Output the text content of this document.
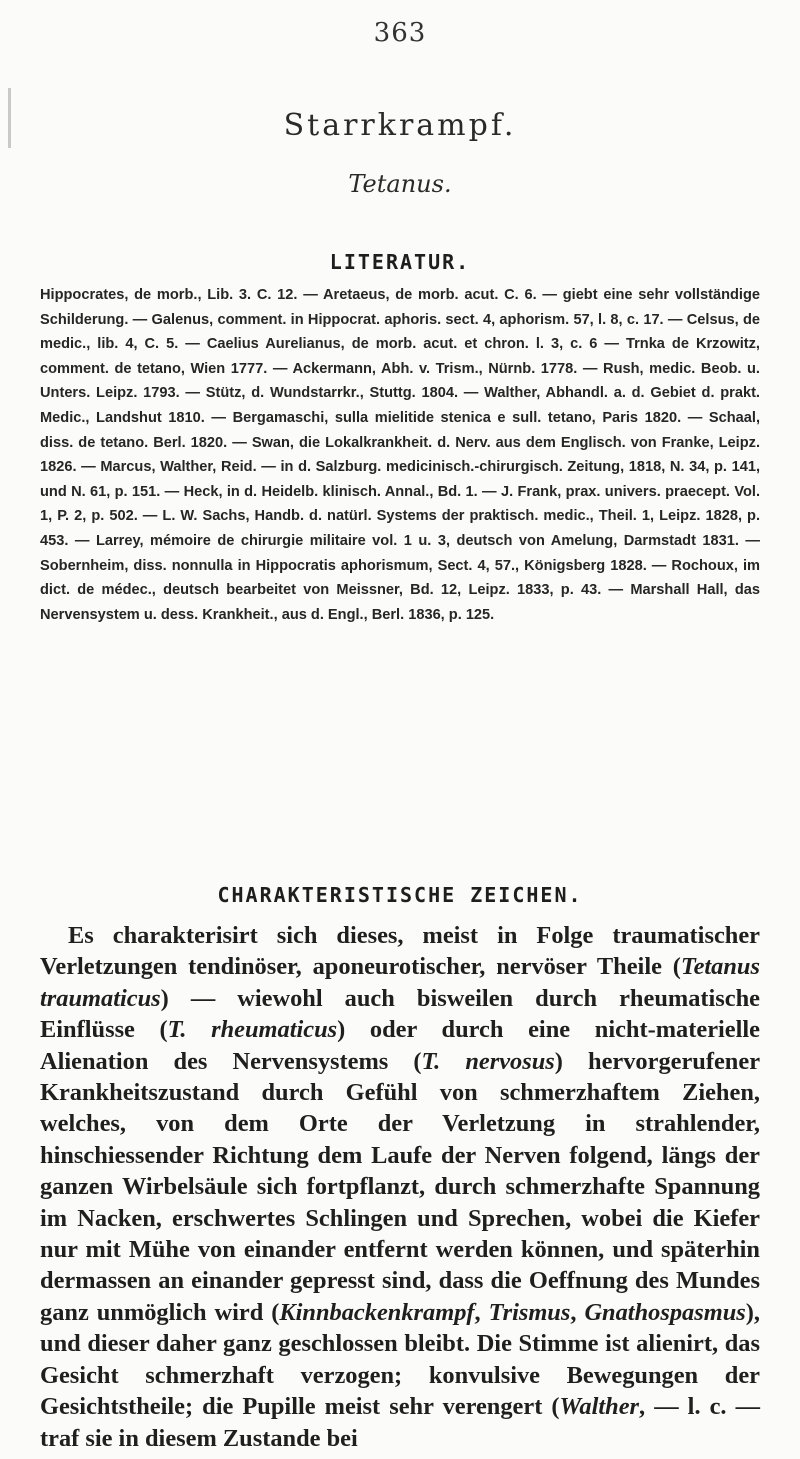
363
Starrkrampf.
Tetanus.
LITERATUR.

Hippocrates, de morb., Lib. 3. C. 12. — Aretaeus, de morb. acut. C. 6. — giebt eine sehr vollständige Schilderung. — Galenus, comment. in Hippocrat. aphoris. sect. 4, aphorism. 57, l. 8, c. 17. — Celsus, de medic., lib. 4, C. 5. — Caelius Aurelianus, de morb. acut. et chron. l. 3, c. 6 — Trnka de Krzowitz, comment. de tetano, Wien 1777. — Ackermann, Abh. v. Trism., Nürnb. 1778. — Rush, medic. Beob. u. Unters. Leipz. 1793. — Stütz, d. Wundstarrkr., Stuttg. 1804. — Walther, Abhandl. a. d. Gebiet d. prakt. Medic., Landshut 1810. — Bergamaschi, sulla mielitide stenica e sull. tetano, Paris 1820. — Schaal, diss. de tetano. Berl. 1820. — Swan, die Lokalkrankheit. d. Nerv. aus dem Englisch. von Franke, Leipz. 1826. — Marcus, Walther, Reid. — in d. Salzburg. medicinisch.-chirurgisch. Zeitung, 1818, N. 34, p. 141, und N. 61, p. 151. — Heck, in d. Heidelb. klinisch. Annal., Bd. 1. — J. Frank, prax. univers. praecept. Vol. 1, P. 2, p. 502. — L. W. Sachs, Handb. d. natürl. Systems der praktisch. medic., Theil. 1, Leipz. 1828, p. 453. — Larrey, mémoire de chirurgie militaire vol. 1 u. 3, deutsch von Amelung, Darmstadt 1831. — Sobernheim, diss. nonnulla in Hippocratis aphorismum, Sect. 4, 57., Königsberg 1828. — Rochoux, im dict. de médec., deutsch bearbeitet von Meissner, Bd. 12, Leipz. 1833, p. 43. — Marshall Hall, das Nervensystem u. dess. Krankheit., aus d. Engl., Berl. 1836, p. 125.

CHARAKTERISTISCHE ZEICHEN.

Es charakterisirt sich dieses, meist in Folge traumatischer Verletzungen tendinöser, aponeurotischer, nervöser Theile (Tetanus traumaticus) — wiewohl auch bisweilen durch rheumatische Einflüsse (T. rheumaticus) oder durch eine nicht-materielle Alienation des Nervensystems (T. nervosus) hervorgerufener Krankheitszustand durch Gefühl von schmerzhaftem Ziehen, welches, von dem Orte der Verletzung in strahlender, hinschiessender Richtung dem Laufe der Nerven folgend, längs der ganzen Wirbelsäule sich fortpflanzt, durch schmerzhafte Spannung im Nacken, erschwertes Schlingen und Sprechen, wobei die Kiefer nur mit Mühe von einander entfernt werden können, und späterhin dermassen an einander gepresst sind, dass die Oeffnung des Mundes ganz unmöglich wird (Kinnbackenkrampf, Trismus, Gnathospasmus), und dieser daher ganz geschlossen bleibt. Die Stimme ist alienirt, das Gesicht schmerzhaft verzogen; konvulsive Bewegungen der Gesichtstheile; die Pupille meist sehr verengert (Walther, — l. c. — traf sie in diesem Zustande bei
